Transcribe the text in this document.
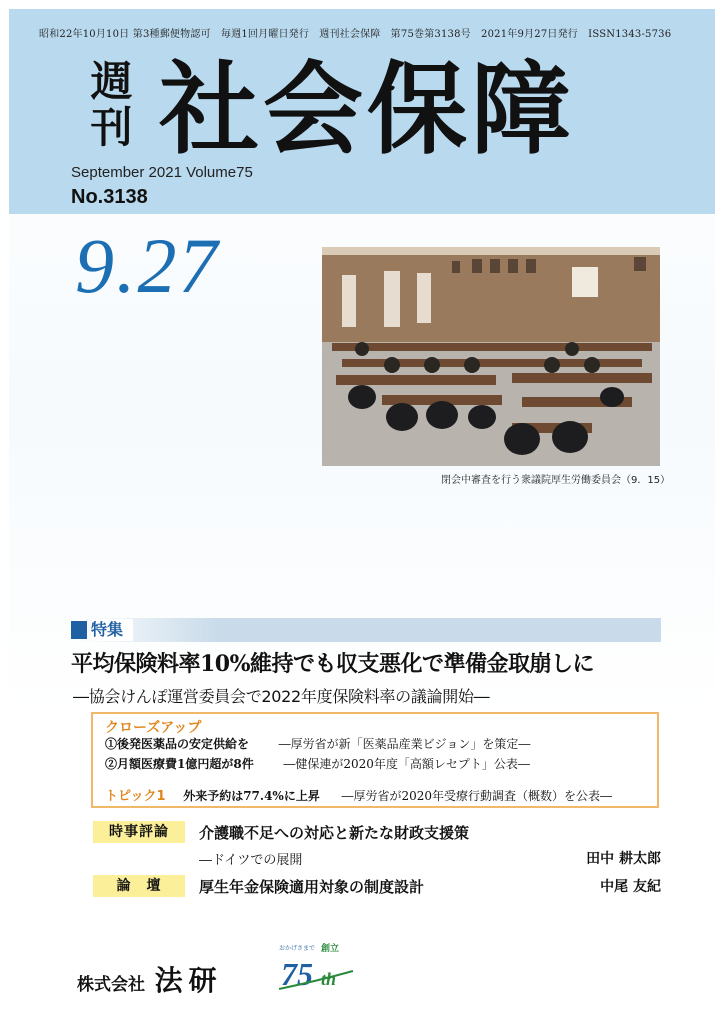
昭和22年10月10日 第3種郵便物認可　毎週1回月曜日発行　週刊社会保障　第75巻第3138号　2021年9月27日発行　ISSN1343-5736
週
刊 社会保障
September 2021 Volume75
No.3138
9.27
閉会中審査を行う衆議院厚生労働委員会（9．15）
特集
平均保険料率10%維持でも収支悪化で準備金取崩しに
―協会けんぽ運営委員会で2022年度保険料率の議論開始―
クローズアップ
①後発医薬品の安定供給を ―厚労省が新「医薬品産業ビジョン」を策定―
②月額医療費1億円超が8件 ―健保連が2020年度「高額レセプト」公表―
トピック1 外来予約は77.4%に上昇 ―厚労省が2020年受療行動調査（概数）を公表―
時事評論	介護職不足への対応と新たな財政支援策
―ドイツでの展開	田中 耕太郎
論　壇	厚生年金保険適用対象の制度設計	中尾 友紀
株式会社 法研
おかげさまで 創立
75 th
